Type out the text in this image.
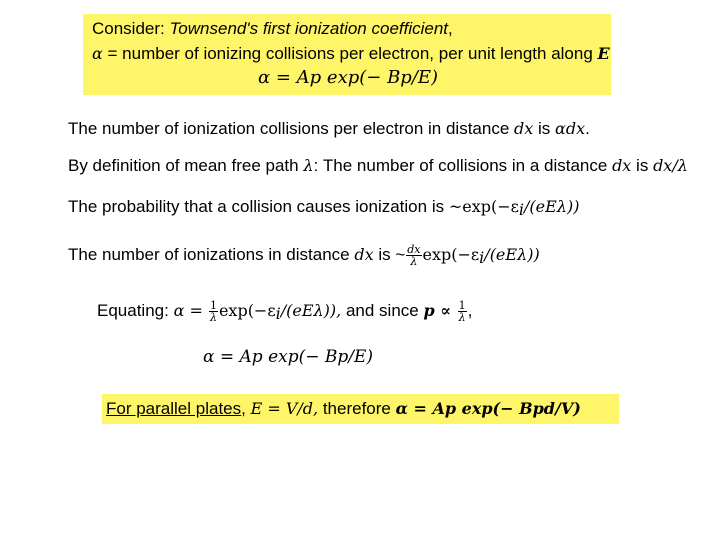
Consider: Townsend's first ionization coefficient,
α = number of ionizing collisions per electron, per unit length along E
α = Ap exp(− Bp/E)
The number of ionization collisions per electron in distance dx is αdx.
By definition of mean free path λ: The number of collisions in a distance dx is dx/λ
The probability that a collision causes ionization is $\sim\exp(-\varepsilon_i/(eE\lambda))$
The number of ionizations in distance dx is ~ $\frac{dx}{\lambda} \exp(-\varepsilon_i/(eE\lambda))$
Equating: $\alpha = \frac{1}{\lambda} \exp(-\varepsilon_i/(eE\lambda))$, and since $p \propto \frac{1}{\lambda}$ ,
α = Ap exp(− Bp/E)
For parallel plates, E = V/d, therefore α = Ap exp(− Bpd/V)
